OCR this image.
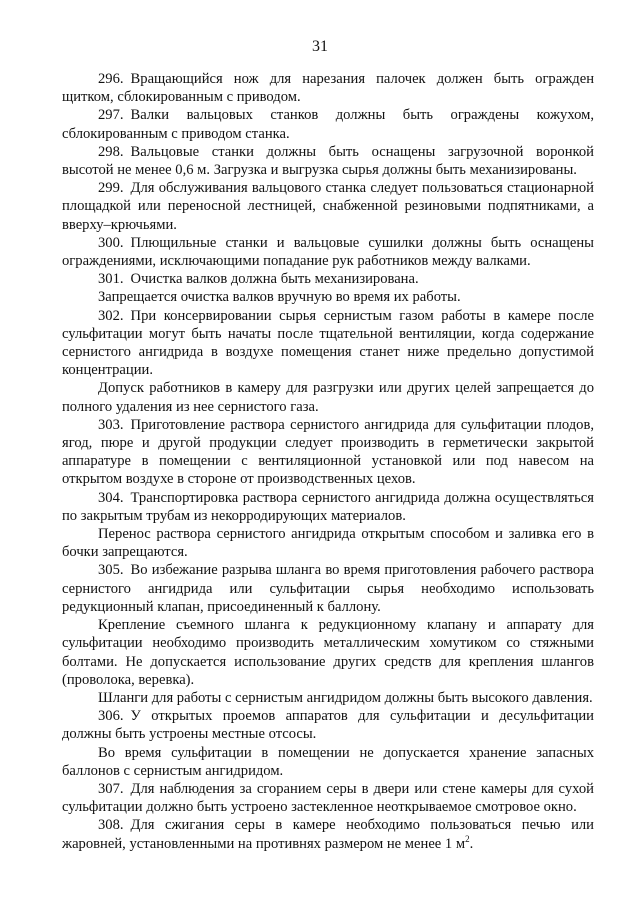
31

296. Вращающийся нож для нарезания палочек должен быть огражден щитком, сблокированным с приводом.

297. Валки вальцовых станков должны быть ограждены кожухом, сблокированным с приводом станка.

298. Вальцовые станки должны быть оснащены загрузочной воронкой высотой не менее 0,6 м. Загрузка и выгрузка сырья должны быть механизированы.

299. Для обслуживания вальцового станка следует пользоваться стационарной площадкой или переносной лестницей, снабженной резиновыми подпятниками, а вверху–крючьями.

300. Плющильные станки и вальцовые сушилки должны быть оснащены ограждениями, исключающими попадание рук работников между валками.

301. Очистка валков должна быть механизирована.

Запрещается очистка валков вручную во время их работы.

302. При консервировании сырья сернистым газом работы в камере после сульфитации могут быть начаты после тщательной вентиляции, когда содержание сернистого ангидрида в воздухе помещения станет ниже предельно допустимой концентрации.

Допуск работников в камеру для разгрузки или других целей запрещается до полного удаления из нее сернистого газа.

303. Приготовление раствора сернистого ангидрида для сульфитации плодов, ягод, пюре и другой продукции следует производить в герметически закрытой аппаратуре в помещении с вентиляционной установкой или под навесом на открытом воздухе в стороне от производственных цехов.

304. Транспортировка раствора сернистого ангидрида должна осуществляться по закрытым трубам из некорродирующих материалов.

Перенос раствора сернистого ангидрида открытым способом и заливка его в бочки запрещаются.

305. Во избежание разрыва шланга во время приготовления рабочего раствора сернистого ангидрида или сульфитации сырья необходимо использовать редукционный клапан, присоединенный к баллону.

Крепление съемного шланга к редукционному клапану и аппарату для сульфитации необходимо производить металлическим хомутиком со стяжными болтами. Не допускается использование других средств для крепления шлангов (проволока, веревка).

Шланги для работы с сернистым ангидридом должны быть высокого давления.

306. У открытых проемов аппаратов для сульфитации и десульфитации должны быть устроены местные отсосы.

Во время сульфитации в помещении не допускается хранение запасных баллонов с сернистым ангидридом.

307. Для наблюдения за сгоранием серы в двери или стене камеры для сухой сульфитации должно быть устроено застекленное неоткрываемое смотровое окно.

308. Для сжигания серы в камере необходимо пользоваться печью или жаровней, установленными на противнях размером не менее 1 $м^2$.
